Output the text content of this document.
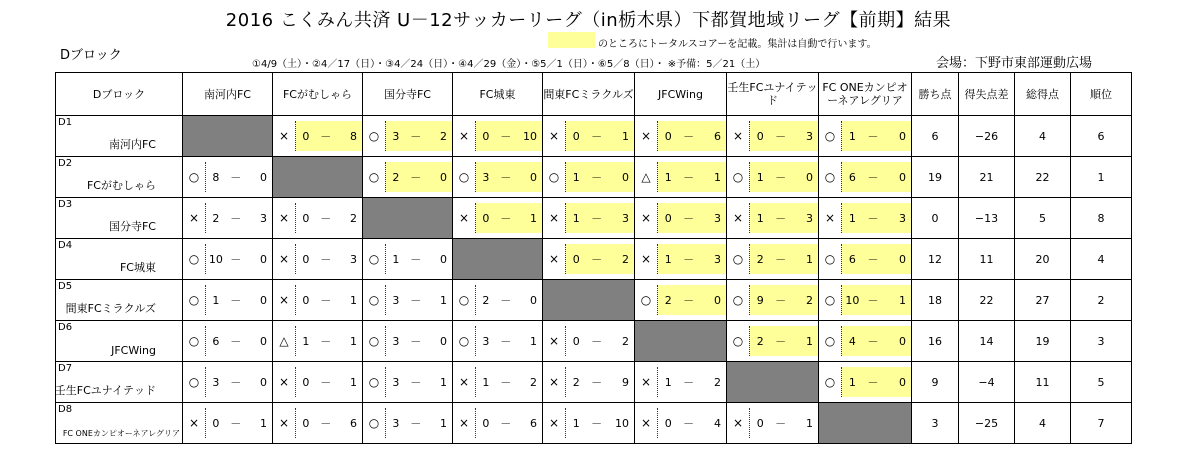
2016 こくみん共済 U－12サッカーリーグ（in栃木県）下都賀地域リーグ【前期】結果
Dブロック
のところにトータルスコアーを記載。集計は自動で行います。
①4/9（土）・②4／17（日）・③4／24（日）・④4／29（金）・⑤5／1（日）・⑥5／8（日）・ ※予備：5／21（土）	会場：下野市東部運動広場
Dブロック	南河内FC	FCがむしゃら	国分寺FC	FC城東	間東FCミラクルズ	JFCWing	壬生FCユナイテッド	FC ONEカンピオーネアレグリア	勝ち点	得失点差	総得点	順位

D1
南河内FC		× 0 － 8	○ 3 － 2	× 0 － 10	× 0 － 1	× 0 － 6	× 0 － 3	○ 1 － 0	6	−26	4	6

D2
FCがむしゃら	○ 8 － 0		○ 2 － 0	○ 3 － 0	○ 1 － 0	△ 1 － 1	○ 1 － 0	○ 6 － 0	19	21	22	1

D3
国分寺FC	× 2 － 3	× 0 － 2		× 0 － 1	× 1 － 3	× 0 － 3	× 1 － 3	× 1 － 3	0	−13	5	8

D4
FC城東	○ 10 － 0	× 0 － 3	○ 1 － 0		× 0 － 2	× 1 － 3	○ 2 － 1	○ 6 － 0	12	11	20	4

D5
間東FCミラクルズ	○ 1 － 0	× 0 － 1	○ 3 － 1	○ 2 － 0		○ 2 － 0	○ 9 － 2	○ 10 － 1	18	22	27	2

D6
JFCWing	○ 6 － 0	△ 1 － 1	○ 3 － 0	○ 3 － 1	× 0 － 2		○ 2 － 1	○ 4 － 0	16	14	19	3

D7
壬生FCユナイテッド	○ 3 － 0	× 0 － 1	○ 3 － 1	× 1 － 2	× 2 － 9	× 1 － 2		○ 1 － 0	9	−4	11	5

D8
FC ONEカンピオーネアレグリア	× 0 － 1	× 0 － 6	○ 3 － 1	× 0 － 6	× 1 － 10	× 0 － 4	× 0 － 1		3	−25	4	7
